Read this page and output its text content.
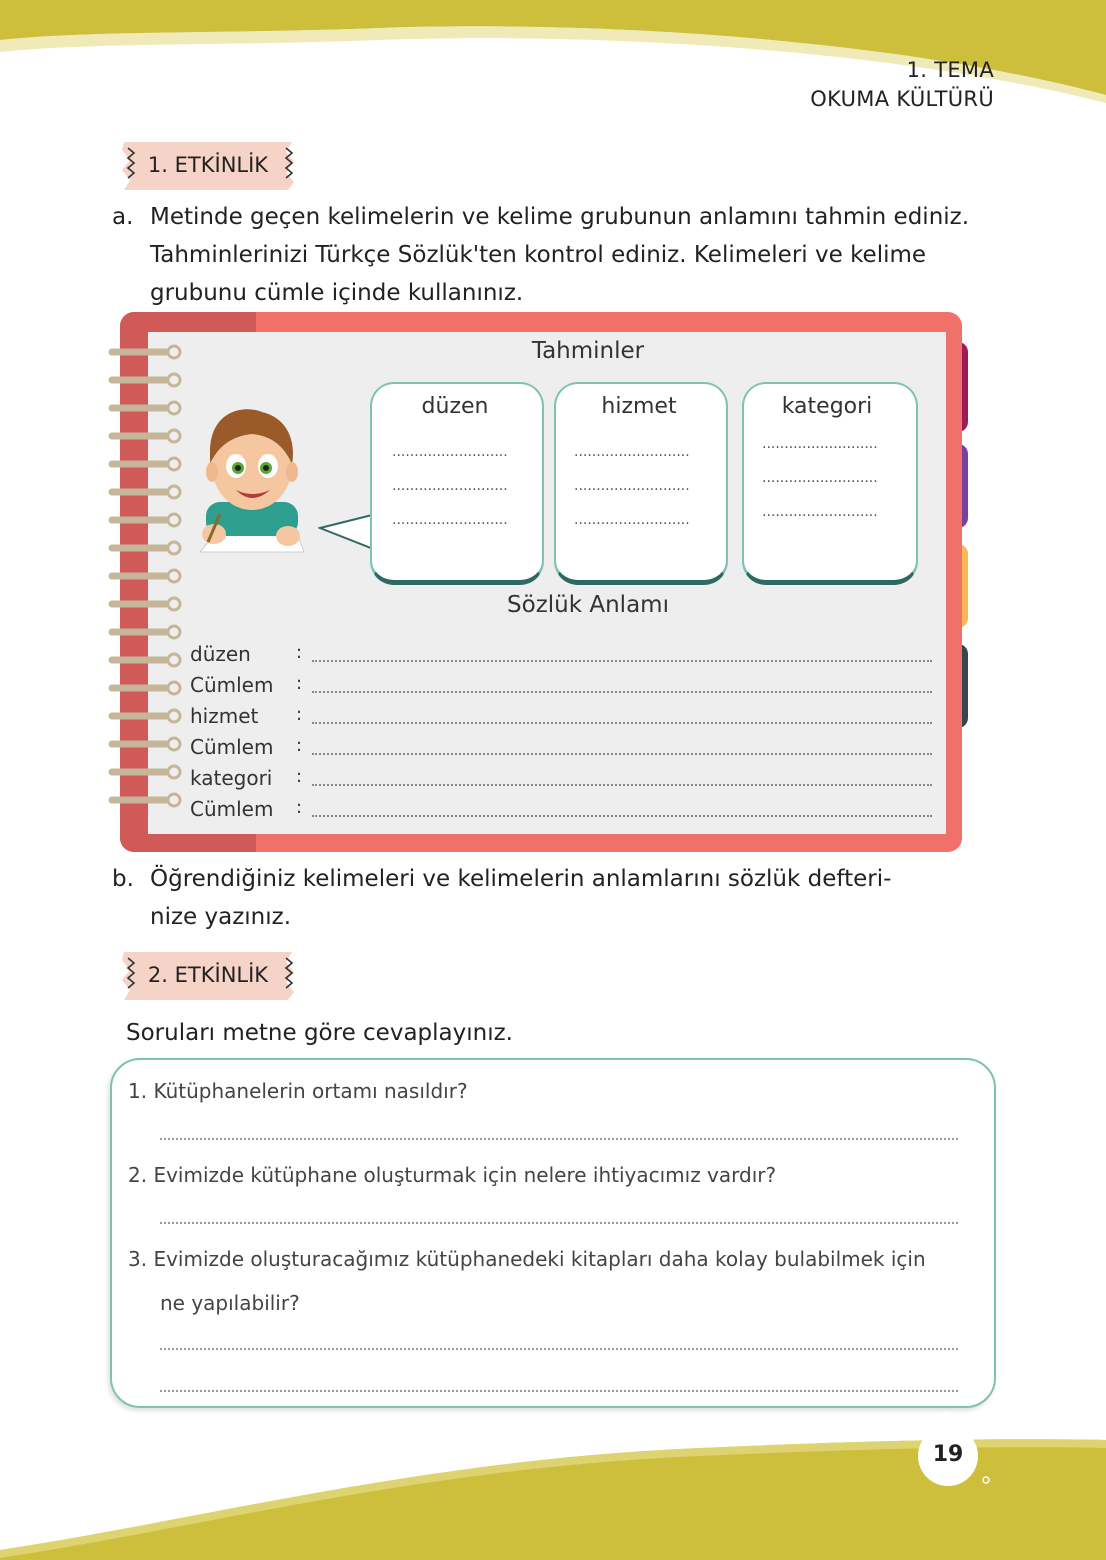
1. TEMA
OKUMA KÜLTÜRÜ
1. ETKİNLİK
a. Metinde geçen kelimelerin ve kelime grubunun anlamını tahmin ediniz.
Tahminlerinizi Türkçe Sözlük'ten kontrol ediniz. Kelimeleri ve kelime
grubunu cümle içinde kullanınız.
Tahminler
düzen	hizmet	kategori
..........................
..........................
..........................
..........................
..........................
..........................
..........................
..........................
..........................
Sözlük Anlamı
düzen	:
Cümlem :
hizmet :
Cümlem :
kategori :
Cümlem :
b. Öğrendiğiniz kelimeleri ve kelimelerin anlamlarını sözlük defteri-
nize yazınız.
2. ETKİNLİK
Soruları metne göre cevaplayınız.
1. Kütüphanelerin ortamı nasıldır?
2. Evimizde kütüphane oluşturmak için nelere ihtiyacımız vardır?
3. Evimizde oluşturacağımız kütüphanedeki kitapları daha kolay bulabilmek için
ne yapılabilir?
19
